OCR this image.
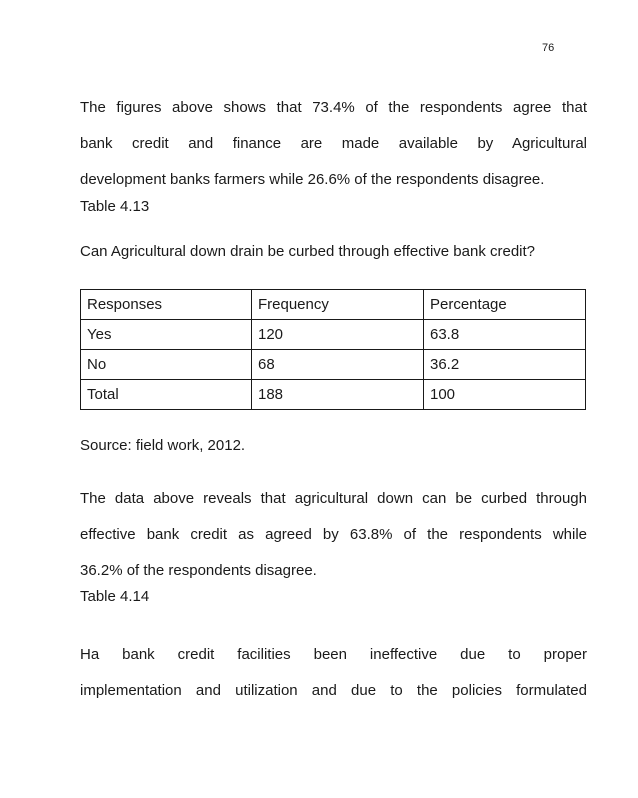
76
The figures above shows that 73.4% of the respondents agree that
bank credit and finance are made available by Agricultural
development banks farmers while 26.6% of the respondents disagree.
Table 4.13
Can Agricultural down drain be curbed through effective bank credit?
Responses	Frequency	Percentage
Yes	120	63.8
No	68	36.2
Total	188	100
Source: field work, 2012.
The data above reveals that agricultural down can be curbed through
effective bank credit as agreed by 63.8% of the respondents while
36.2% of the respondents disagree.
Table 4.14
Ha bank credit facilities been ineffective due to proper
implementation and utilization and due to the policies formulated
